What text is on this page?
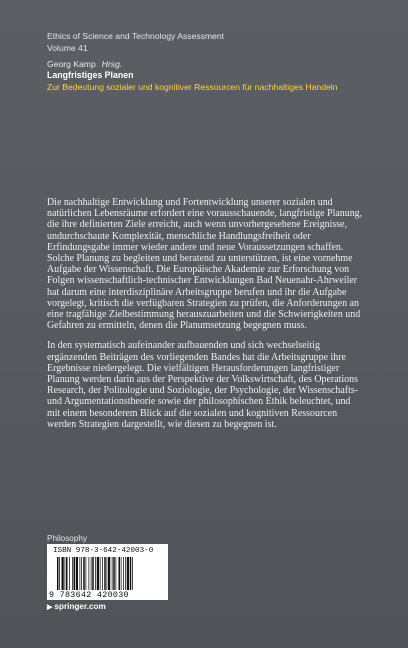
Ethics of Science and Technology Assessment
Volume 41
Georg Kamp Hrsg.
Langfristiges Planen
Zur Bedeutung sozialer und kognitiver Ressourcen für nachhaltiges Handeln

Die nachhaltige Entwicklung und Fortentwicklung unserer sozialen und natürlichen Lebensräume erfordert eine vorausschauende, langfristige Planung, die ihre definierten Ziele erreicht, auch wenn unvorhergesehene Ereignisse, undurchschaute Komplexität, menschliche Handlungsfreiheit oder Erfindungsgabe immer wieder andere und neue Voraussetzungen schaffen. Solche Planung zu begleiten und beratend zu unterstützen, ist eine vornehme Aufgabe der Wissenschaft. Die Europäische Akademie zur Erforschung von Folgen wissenschaftlich-technischer Entwicklungen Bad Neuenahr-Ahrweiler hat darum eine interdisziplinäre Arbeitsgruppe berufen und ihr die Aufgabe vorgelegt, kritisch die verfügbaren Strategien zu prüfen, die Anforderungen an eine tragfähige Zielbestimmung herauszuarbeiten und die Schwierigkeiten und Gefahren zu ermitteln, denen die Planumsetzung begegnen muss.

In den systematisch aufeinander aufbauenden und sich wechselseitig ergänzenden Beiträgen des vorliegenden Bandes hat die Arbeitsgruppe ihre Ergebnisse niedergelegt. Die vielfältigen Herausforderungen langfristiger Planung werden darin aus der Perspektive der Volkswirtschaft, des Operations Research, der Politologie und Soziologie, der Psychologie, der Wissenschafts- und Argumentationstheorie sowie der philosophischen Ethik beleuchtet, und mit einem besonderem Blick auf die sozialen und kognitiven Ressourcen werden Strategien dargestellt, wie diesen zu begegnen ist.

Philosophy
ISBN 978-3-642-42003-0
9 783642 420030
▶ springer.com
